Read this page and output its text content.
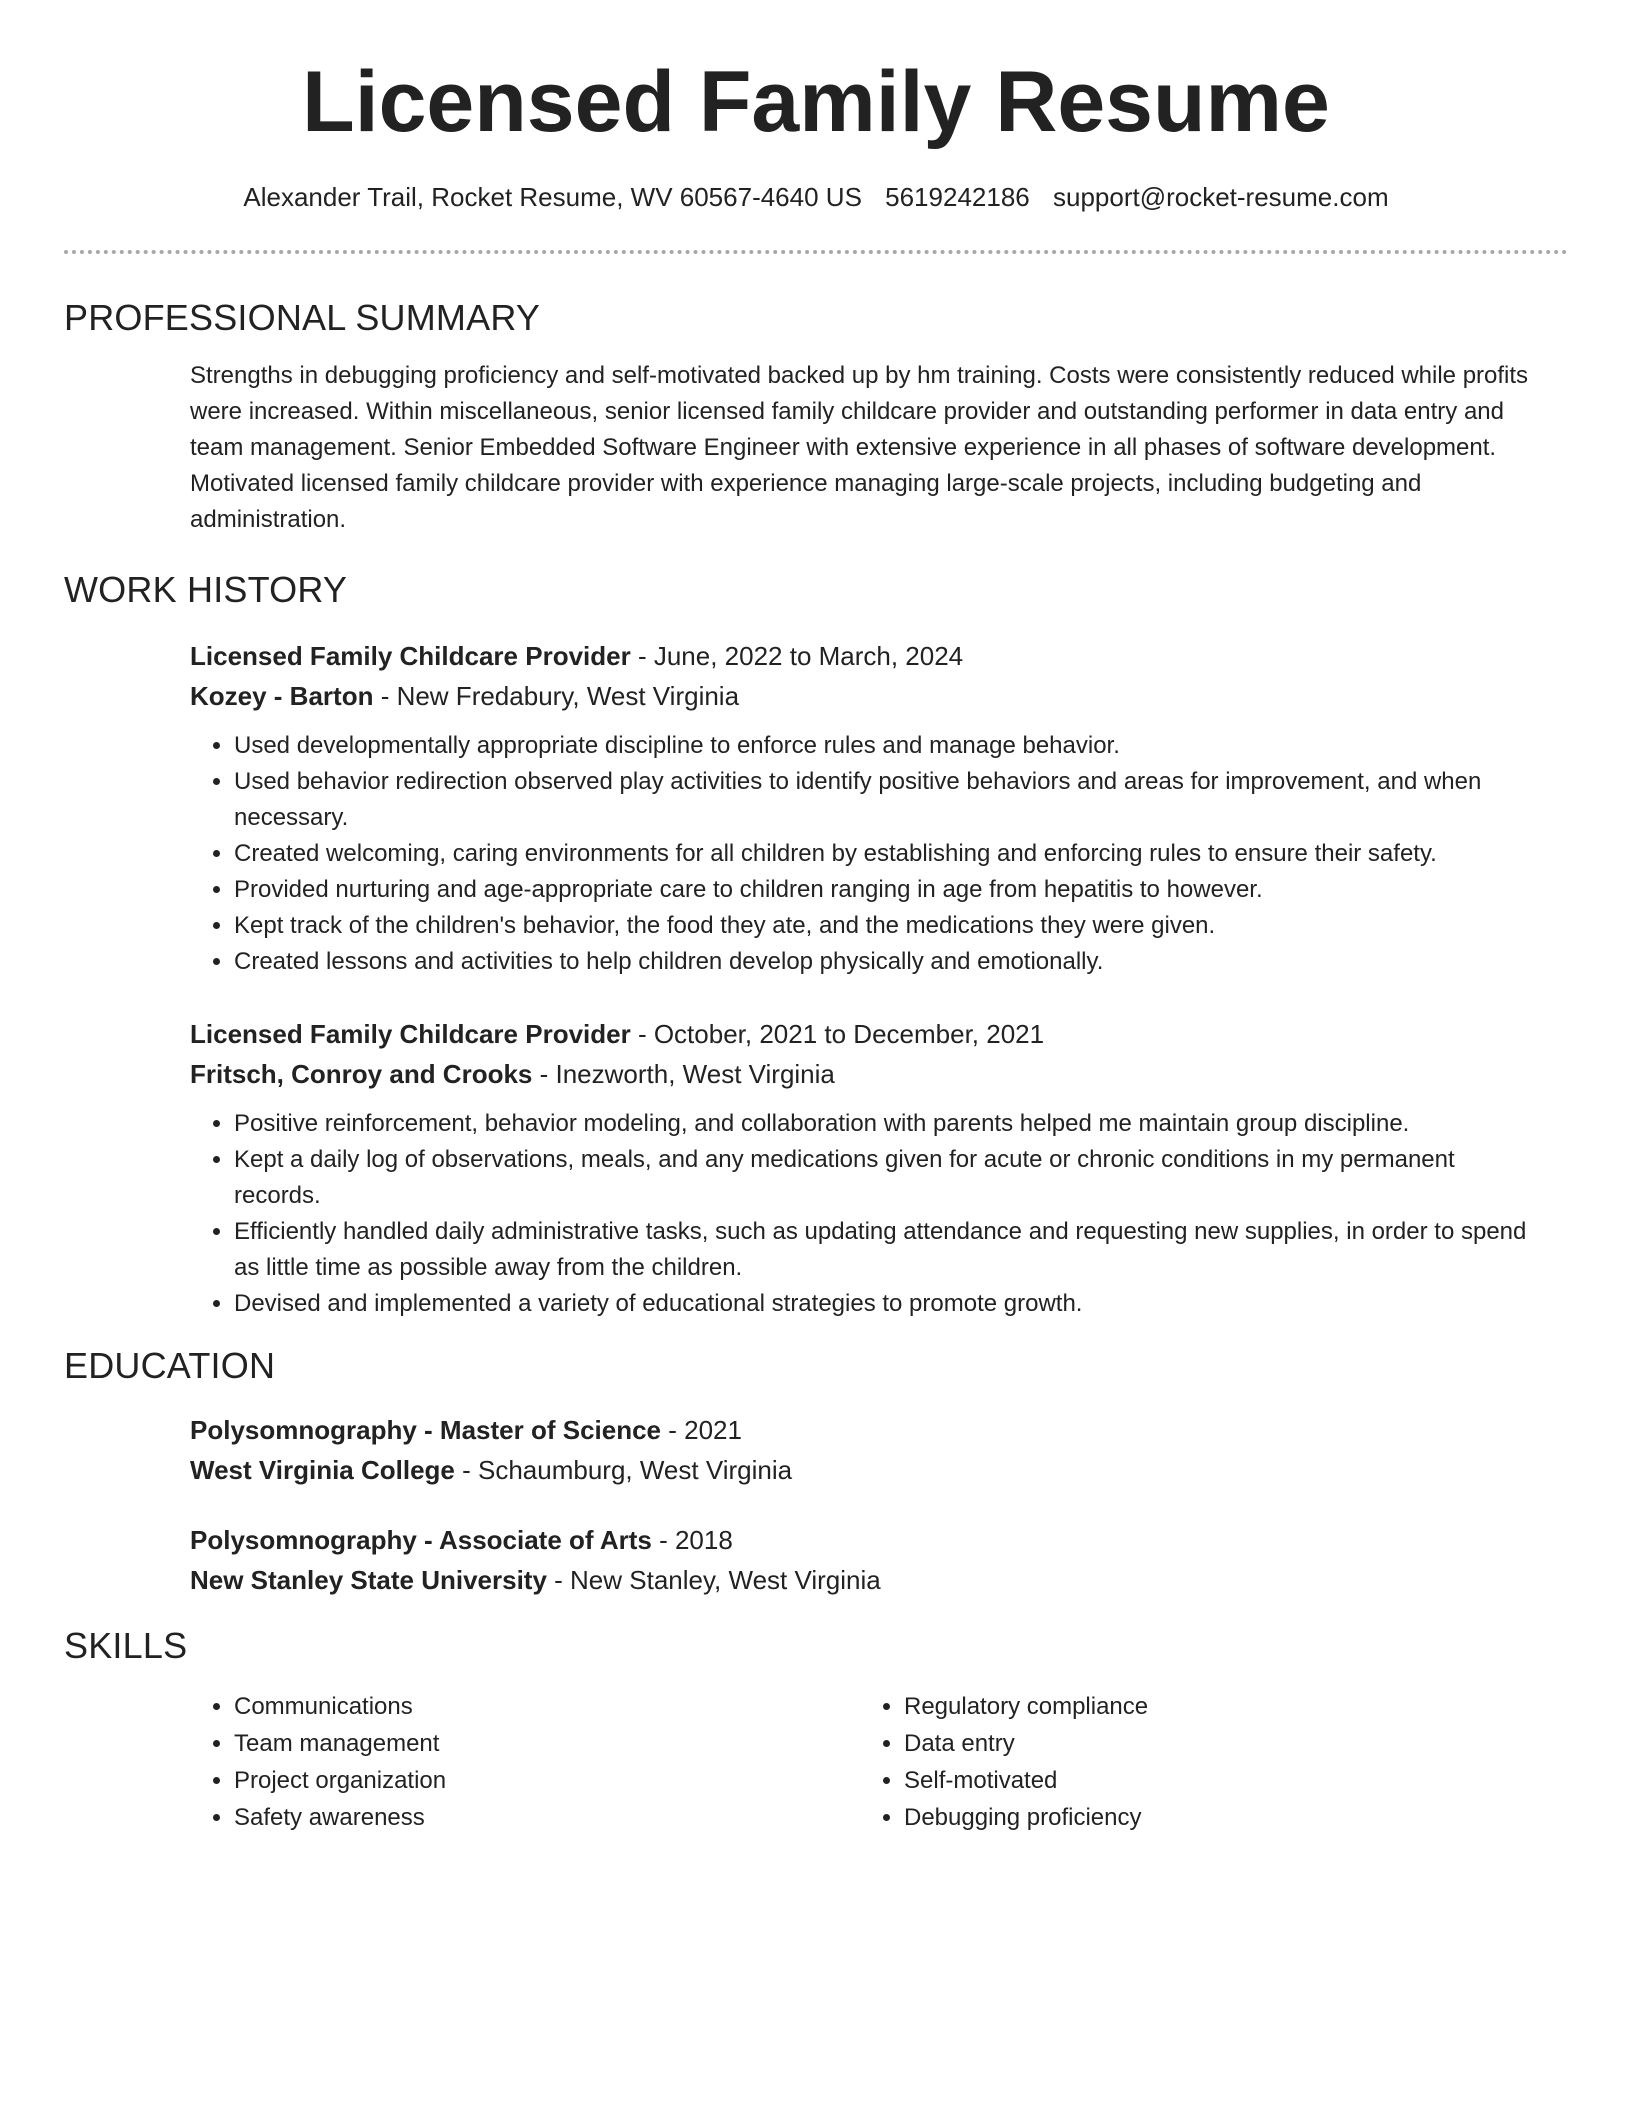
Licensed Family Resume
Alexander Trail, Rocket Resume, WV 60567-4640 US 5619242186 support@rocket-resume.com
PROFESSIONAL SUMMARY

Strengths in debugging proficiency and self-motivated backed up by hm training. Costs were consistently reduced while profits were increased. Within miscellaneous, senior licensed family childcare provider and outstanding performer in data entry and team management. Senior Embedded Software Engineer with extensive experience in all phases of software development. Motivated licensed family childcare provider with experience managing large-scale projects, including budgeting and administration.

WORK HISTORY

Licensed Family Childcare Provider - June, 2022 to March, 2024

Kozey - Barton - New Fredabury, West Virginia

• Used developmentally appropriate discipline to enforce rules and manage behavior.
• Used behavior redirection observed play activities to identify positive behaviors and areas for improvement, and when necessary.
• Created welcoming, caring environments for all children by establishing and enforcing rules to ensure their safety.
• Provided nurturing and age-appropriate care to children ranging in age from hepatitis to however.
• Kept track of the children's behavior, the food they ate, and the medications they were given.
• Created lessons and activities to help children develop physically and emotionally.

Licensed Family Childcare Provider - October, 2021 to December, 2021

Fritsch, Conroy and Crooks - Inezworth, West Virginia

• Positive reinforcement, behavior modeling, and collaboration with parents helped me maintain group discipline.
• Kept a daily log of observations, meals, and any medications given for acute or chronic conditions in my permanent records.
• Efficiently handled daily administrative tasks, such as updating attendance and requesting new supplies, in order to spend as little time as possible away from the children.
• Devised and implemented a variety of educational strategies to promote growth.
EDUCATION

Polysomnography - Master of Science - 2021

West Virginia College - Schaumburg, West Virginia

Polysomnography - Associate of Arts - 2018

New Stanley State University - New Stanley, West Virginia

SKILLS
• Communications
• Team management
• Project organization
• Safety awareness
• Regulatory compliance
• Data entry
• Self-motivated
• Debugging proficiency
